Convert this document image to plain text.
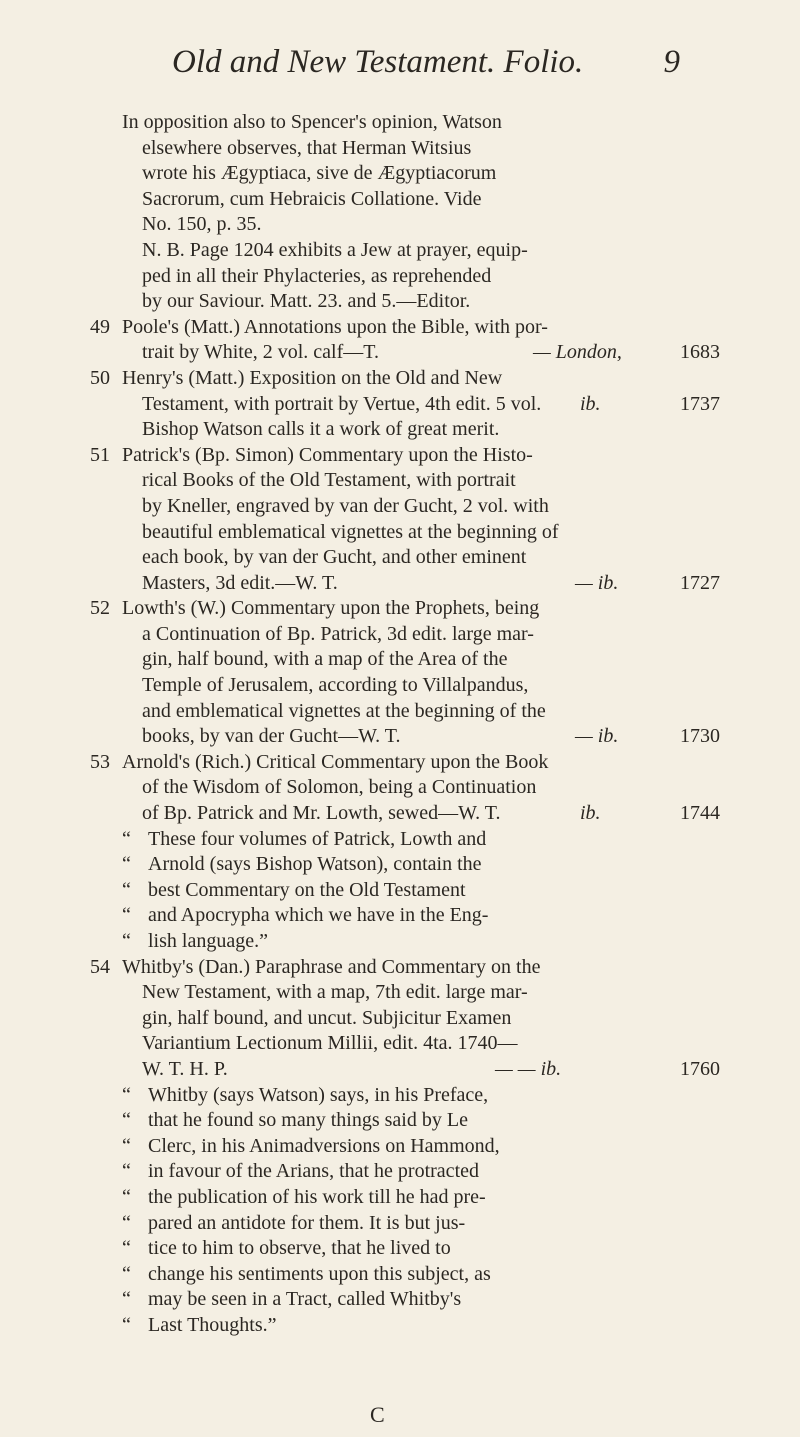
Old and New Testament. Folio. 9
In opposition also to Spencer's opinion, Watson
elsewhere observes, that Herman Witsius
wrote his Ægyptiaca, sive de Ægyptiacorum
Sacrorum, cum Hebraicis Collatione. Vide
No. 150, p. 35.
N. B. Page 1204 exhibits a Jew at prayer, equip-
ped in all their Phylacteries, as reprehended
by our Saviour. Matt. 23. and 5.—Editor.
49 Poole's (Matt.) Annotations upon the Bible, with por-
trait by White, 2 vol. calf—T.	— London,	1683
50 Henry's (Matt.) Exposition on the Old and New
Testament, with portrait by Vertue, 4th edit. 5 vol. ib.	1737
Bishop Watson calls it a work of great merit.
51 Patrick's (Bp. Simon) Commentary upon the Histo-
rical Books of the Old Testament, with portrait
by Kneller, engraved by van der Gucht, 2 vol. with
beautiful emblematical vignettes at the beginning of
each book, by van der Gucht, and other eminent
Masters, 3d edit.—W. T.	— ib.	1727
52 Lowth's (W.) Commentary upon the Prophets, being
a Continuation of Bp. Patrick, 3d edit. large mar-
gin, half bound, with a map of the Area of the
Temple of Jerusalem, according to Villalpandus,
and emblematical vignettes at the beginning of the
books, by van der Gucht—W. T.	— ib.	1730
53 Arnold's (Rich.) Critical Commentary upon the Book
of the Wisdom of Solomon, being a Continuation
of Bp. Patrick and Mr. Lowth, sewed—W. T.	ib.	1744
“ These four volumes of Patrick, Lowth and
“ Arnold (says Bishop Watson), contain the
“ best Commentary on the Old Testament
“ and Apocrypha which we have in the Eng-
“ lish language.”
54 Whitby's (Dan.) Paraphrase and Commentary on the
New Testament, with a map, 7th edit. large mar-
gin, half bound, and uncut. Subjicitur Examen
Variantium Lectionum Millii, edit. 4ta. 1740—
W. T. H. P.	— — ib.	1760
“ Whitby (says Watson) says, in his Preface,
“ that he found so many things said by Le
“ Clerc, in his Animadversions on Hammond,
“ in favour of the Arians, that he protracted
“ the publication of his work till he had pre-
“ pared an antidote for them. It is but jus-
“ tice to him to observe, that he lived to
“ change his sentiments upon this subject, as
“ may be seen in a Tract, called Whitby's
“ Last Thoughts.”
C
